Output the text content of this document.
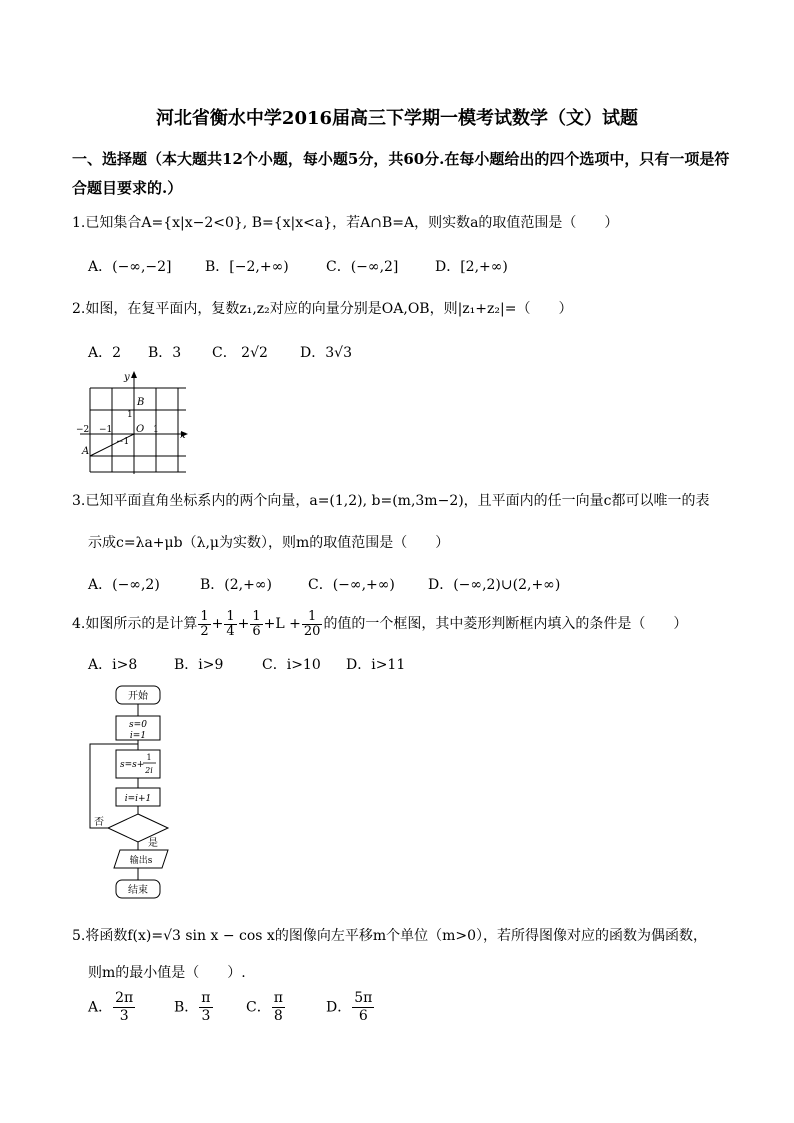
河北省衡水中学2016届高三下学期一模考试数学（文）试题
一、选择题（本大题共12个小题，每小题5分，共60分.在每小题给出的四个选项中，只有一项是符合题目要求的.）
1.已知集合A={x|x−2<0}, B={x|x<a}，若A∩B=A，则实数a的取值范围是（　　）
A．(−∞,−2] B．[−2,+∞)	C．(−∞,2]	D．[2,+∞)
2.如图，在复平面内，复数z₁,z₂对应的向量分别是OA,OB，则|z₁+z₂|=（　　）
A．2 B．3 C． 2√2 D．3√3
y
x
B
A
O
1
1
−1
−1
−2
3.已知平面直角坐标系内的两个向量，a=(1,2), b=(m,3m−2)，且平面内的任一向量c都可以唯一的表
示成c=λa+μb（λ,μ为实数），则m的取值范围是（　　）
A．(−∞,2)	B．(2,+∞)	C．(−∞,+∞) D．(−∞,2)∪(2,+∞)
4.如图所示的是计算 $\frac{1}{2} + \frac{1}{4} + \frac{1}{6} +L + \frac{1}{20}$ 的值的一个框图，其中菱形判断框内填入的条件是（　　）
A．i>8	B．i>9	C．i>10 D．i>11
开始
s=0
i=1
s=s+
1
2i
i=i+1
否
是
输出s
结束
5.将函数f(x)=√3 sin x − cos x的图像向左平移m个单位（m>0），若所得图像对应的函数为偶函数，
则m的最小值是（　　）.
A． $\frac{2\pi}{3}$	B． $\frac{\pi}{3}$ C． $\frac{\pi}{8}$	D． $\frac{5\pi}{6}$
